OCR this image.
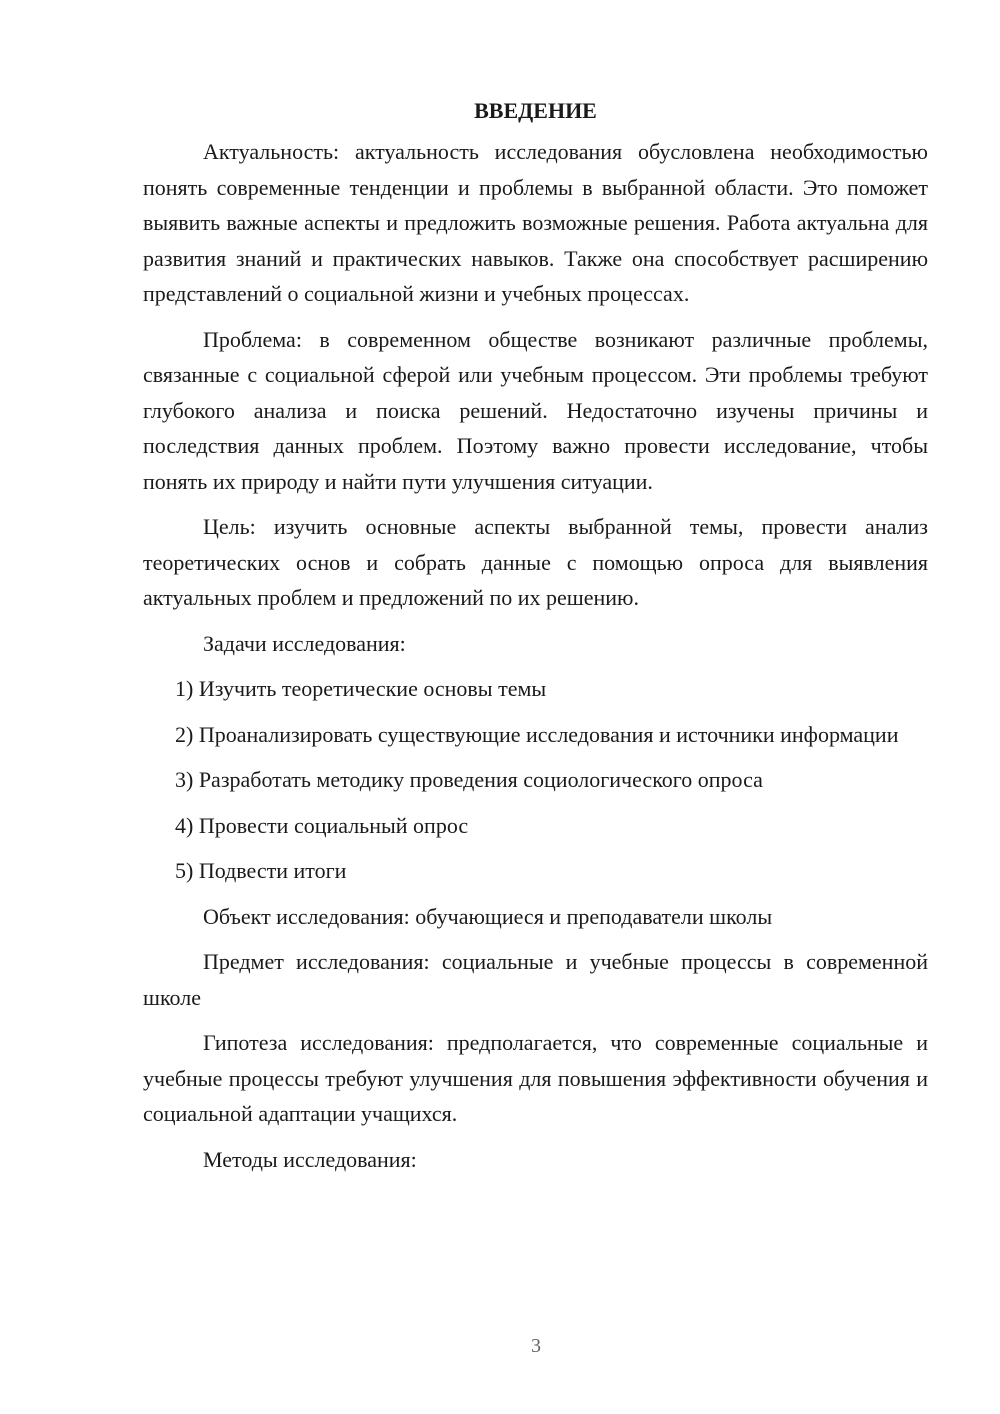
ВВЕДЕНИЕ

Актуальность: актуальность исследования обусловлена необходимостью понять современные тенденции и проблемы в выбранной области. Это поможет выявить важные аспекты и предложить возможные решения. Работа актуальна для развития знаний и практических навыков. Также она способствует расширению представлений о социальной жизни и учебных процессах.

Проблема: в современном обществе возникают различные проблемы, связанные с социальной сферой или учебным процессом. Эти проблемы требуют глубокого анализа и поиска решений. Недостаточно изучены причины и последствия данных проблем. Поэтому важно провести исследование, чтобы понять их природу и найти пути улучшения ситуации.

Цель: изучить основные аспекты выбранной темы, провести анализ теоретических основ и собрать данные с помощью опроса для выявления актуальных проблем и предложений по их решению.

Задачи исследования:

1) Изучить теоретические основы темы

2) Проанализировать существующие исследования и источники информации

3) Разработать методику проведения социологического опроса

4) Провести социальный опрос

5) Подвести итоги

Объект исследования: обучающиеся и преподаватели школы

Предмет исследования: социальные и учебные процессы в современной школе

Гипотеза исследования: предполагается, что современные социальные и учебные процессы требуют улучшения для повышения эффективности обучения и социальной адаптации учащихся.

Методы исследования:

3
